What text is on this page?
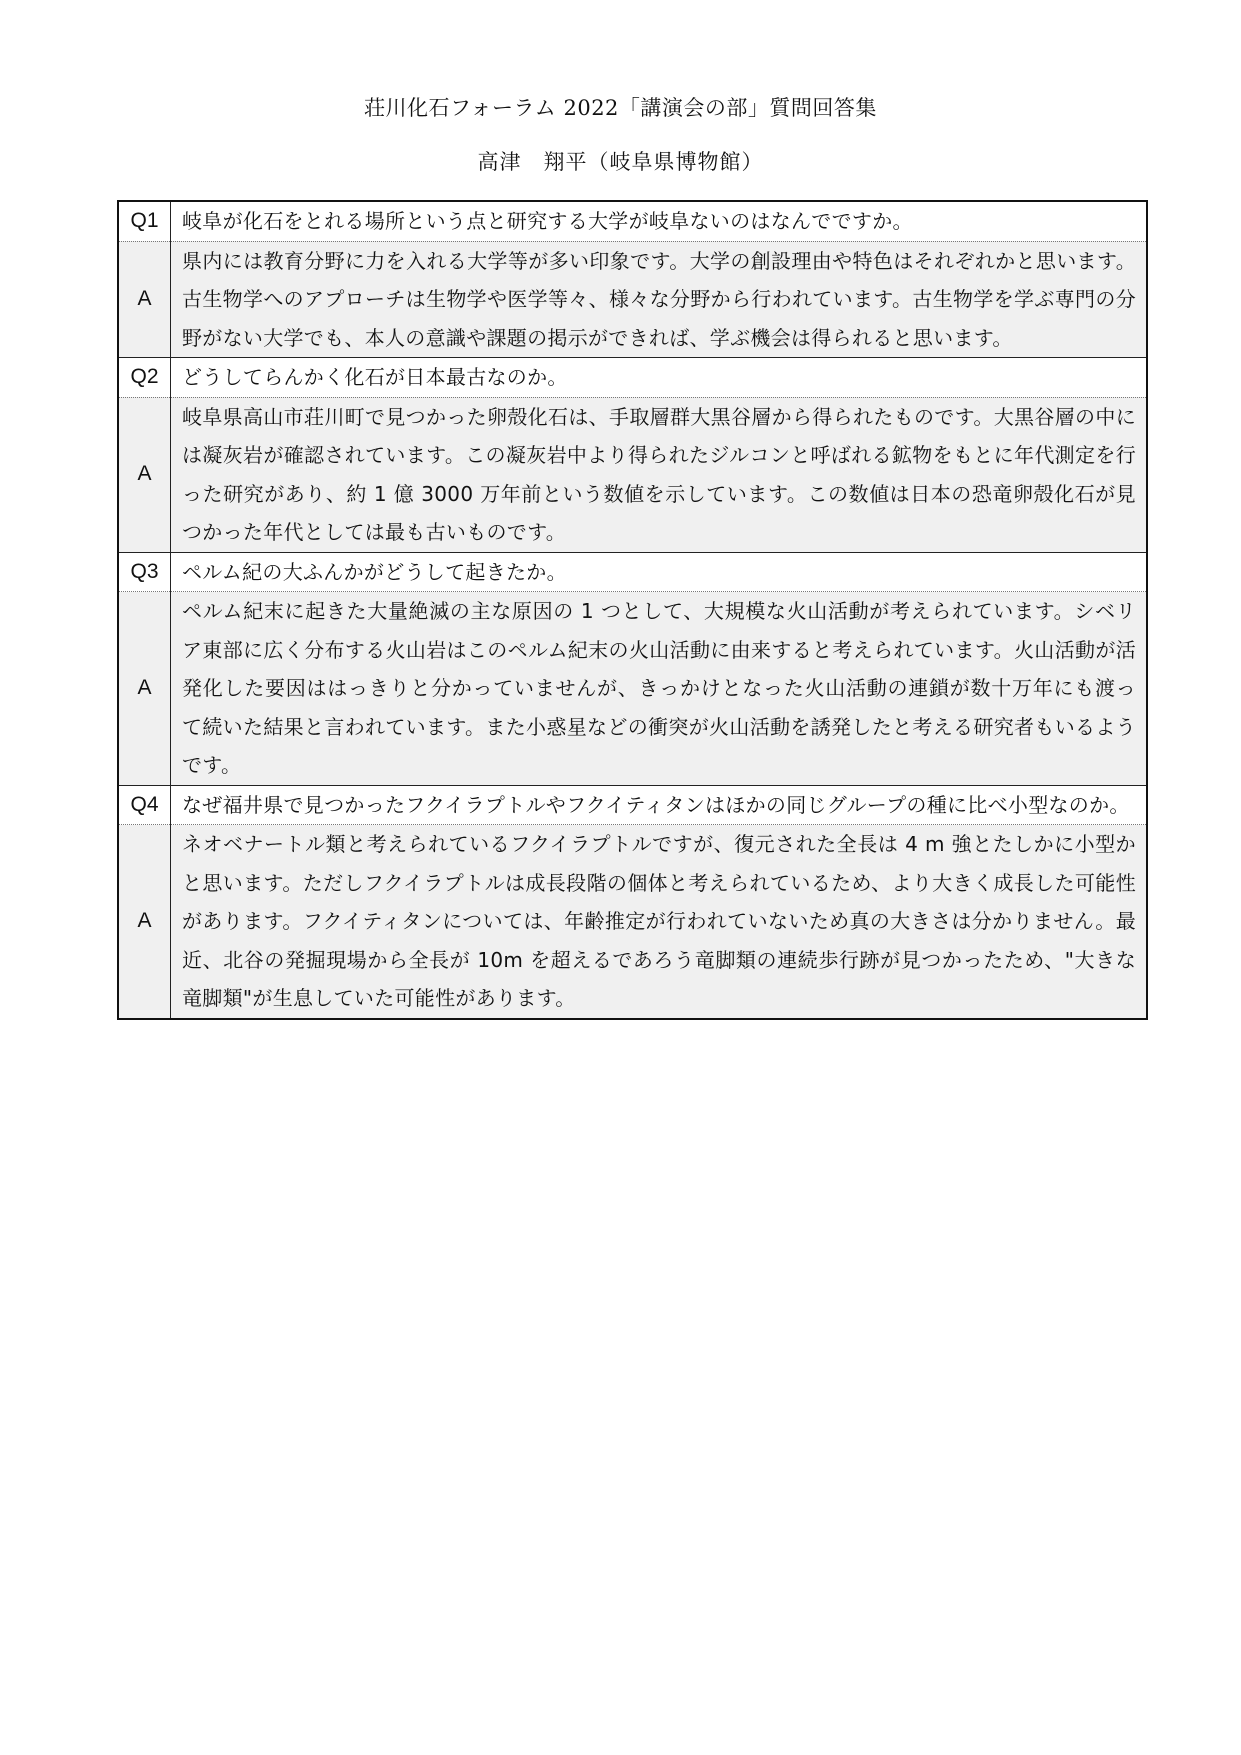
荘川化石フォーラム 2022「講演会の部」質問回答集
高津　翔平（岐阜県博物館）
Q1	岐阜が化石をとれる場所という点と研究する大学が岐阜ないのはなんでですか。
A	県内には教育分野に力を入れる大学等が多い印象です。大学の創設理由や特色はそれぞれかと思います。古生物学へのアプローチは生物学や医学等々、様々な分野から行われています。古生物学を学ぶ専門の分野がない大学でも、本人の意識や課題の掲示ができれば、学ぶ機会は得られると思います。
Q2	どうしてらんかく化石が日本最古なのか。
A	岐阜県高山市荘川町で見つかった卵殻化石は、手取層群大黒谷層から得られたものです。大黒谷層の中には凝灰岩が確認されています。この凝灰岩中より得られたジルコンと呼ばれる鉱物をもとに年代測定を行った研究があり、約 1 億 3000 万年前という数値を示しています。この数値は日本の恐竜卵殻化石が見つかった年代としては最も古いものです。
Q3	ペルム紀の大ふんかがどうして起きたか。
A	ペルム紀末に起きた大量絶滅の主な原因の 1 つとして、大規模な火山活動が考えられています。シベリア東部に広く分布する火山岩はこのペルム紀末の火山活動に由来すると考えられています。火山活動が活発化した要因ははっきりと分かっていませんが、きっかけとなった火山活動の連鎖が数十万年にも渡って続いた結果と言われています。また小惑星などの衝突が火山活動を誘発したと考える研究者もいるようです。
Q4	なぜ福井県で見つかったフクイラプトルやフクイティタンはほかの同じグループの種に比べ小型なのか。
A	ネオベナートル類と考えられているフクイラプトルですが、復元された全長は 4 m 強とたしかに小型かと思います。ただしフクイラプトルは成長段階の個体と考えられているため、より大きく成長した可能性があります。フクイティタンについては、年齢推定が行われていないため真の大きさは分かりません。最近、北谷の発掘現場から全長が 10m を超えるであろう竜脚類の連続歩行跡が見つかったため、"大きな竜脚類"が生息していた可能性があります。
